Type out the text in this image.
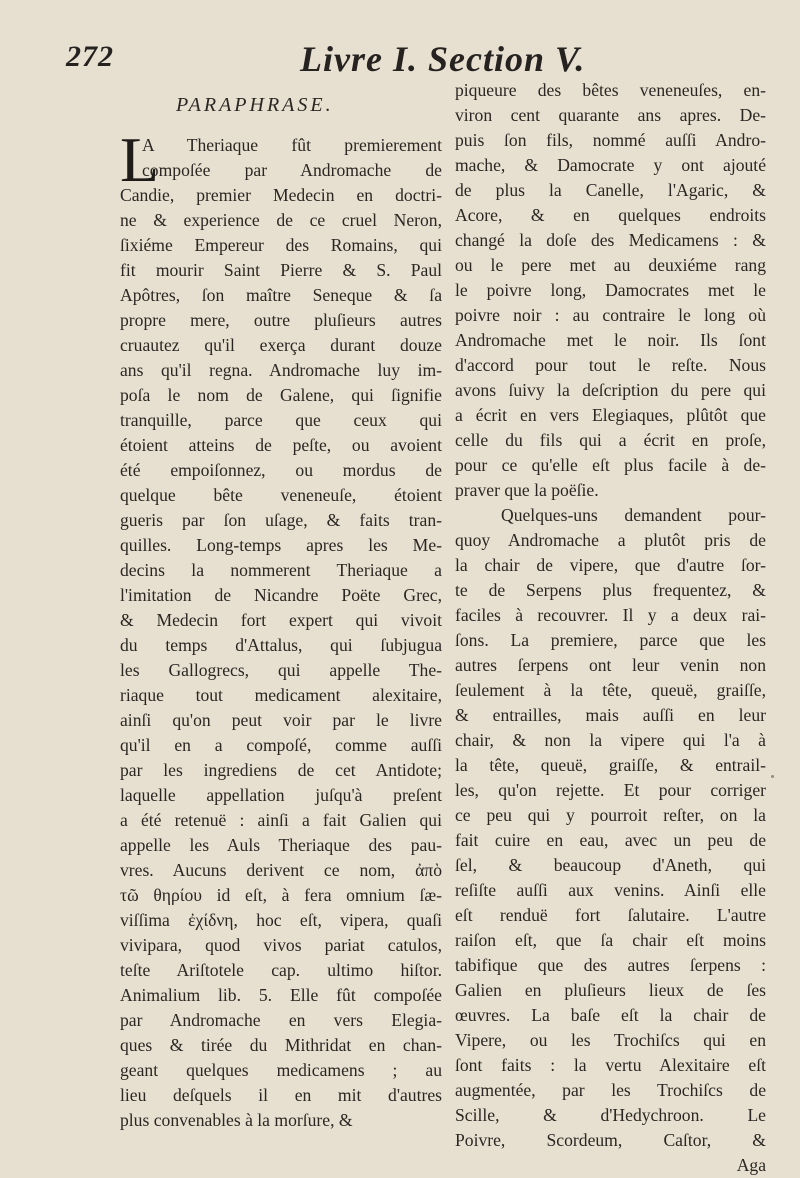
272	Livre I. Section V.
PARAPHRASE.
L
A Theriaque fût premierement
compoſée par Andromache de
Candie, premier Medecin en doctri-
ne & experience de ce cruel Neron,
ſixiéme Empereur des Romains, qui
fit mourir Saint Pierre & S. Paul
Apôtres, ſon maître Seneque & ſa
propre mere, outre pluſieurs autres
cruautez qu'il exerça durant douze
ans qu'il regna. Andromache luy im-
poſa le nom de Galene, qui ſignifie
tranquille, parce que ceux qui
étoient atteins de peſte, ou avoient
été empoiſonnez, ou mordus de
quelque bête veneneuſe, étoient
gueris par ſon uſage, & faits tran-
quilles. Long-temps apres les Me-
decins la nommerent Theriaque a
l'imitation de Nicandre Poëte Grec,
& Medecin fort expert qui vivoit
du temps d'Attalus, qui ſubjugua
les Gallogrecs, qui appelle The-
riaque tout medicament alexitaire,
ainſi qu'on peut voir par le livre
qu'il en a compoſé, comme auſſi
par les ingrediens de cet Antidote;
laquelle appellation juſqu'à preſent
a été retenuë : ainſi a fait Galien qui
appelle les Auls Theriaque des pau-
vres. Aucuns derivent ce nom, ἀπὸ
τῶ θηρίου id eſt, à fera omnium ſæ-
viſſima ἐχίδνη, hoc eſt, vipera, quaſi
vivipara, quod vivos pariat catulos,
teſte Ariſtotele cap. ultimo hiſtor.
Animalium lib. 5. Elle fût compoſée
par Andromache en vers Elegia-
ques & tirée du Mithridat en chan-
geant quelques medicamens ; au
lieu deſquels il en mit d'autres
plus convenables à la morſure, &
piqueure des bêtes veneneuſes, en-
viron cent quarante ans apres. De-
puis ſon fils, nommé auſſi Andro-
mache, & Damocrate y ont ajouté
de plus la Canelle, l'Agaric, &
Acore, & en quelques endroits
changé la doſe des Medicamens : &
ou le pere met au deuxiéme rang
le poivre long, Damocrates met le
poivre noir : au contraire le long où
Andromache met le noir. Ils ſont
d'accord pour tout le reſte. Nous
avons ſuivy la deſcription du pere qui
a écrit en vers Elegiaques, plûtôt que
celle du fils qui a écrit en proſe,
pour ce qu'elle eſt plus facile à de-
praver que la poëſie.
Quelques-uns demandent pour-
quoy Andromache a plutôt pris de
la chair de vipere, que d'autre ſor-
te de Serpens plus frequentez, &
faciles à recouvrer. Il y a deux rai-
ſons. La premiere, parce que les
autres ſerpens ont leur venin non
ſeulement à la tête, queuë, graiſſe,
& entrailles, mais auſſi en leur
chair, & non la vipere qui l'a à
la tête, queuë, graiſſe, & entrail-
les, qu'on rejette. Et pour corriger
ce peu qui y pourroit reſter, on la
fait cuire en eau, avec un peu de
ſel, & beaucoup d'Aneth, qui
reſiſte auſſi aux venins. Ainſi elle
eſt renduë fort ſalutaire. L'autre
raiſon eſt, que ſa chair eſt moins
tabifique que des autres ſerpens :
Galien en pluſieurs lieux de ſes
œuvres. La baſe eſt la chair de
Vipere, ou les Trochiſcs qui en
ſont faits : la vertu Alexitaire eſt
augmentée, par les Trochiſcs de
Scille, & d'Hedychroon. Le
Poivre, Scordeum, Caſtor, &
Aga
